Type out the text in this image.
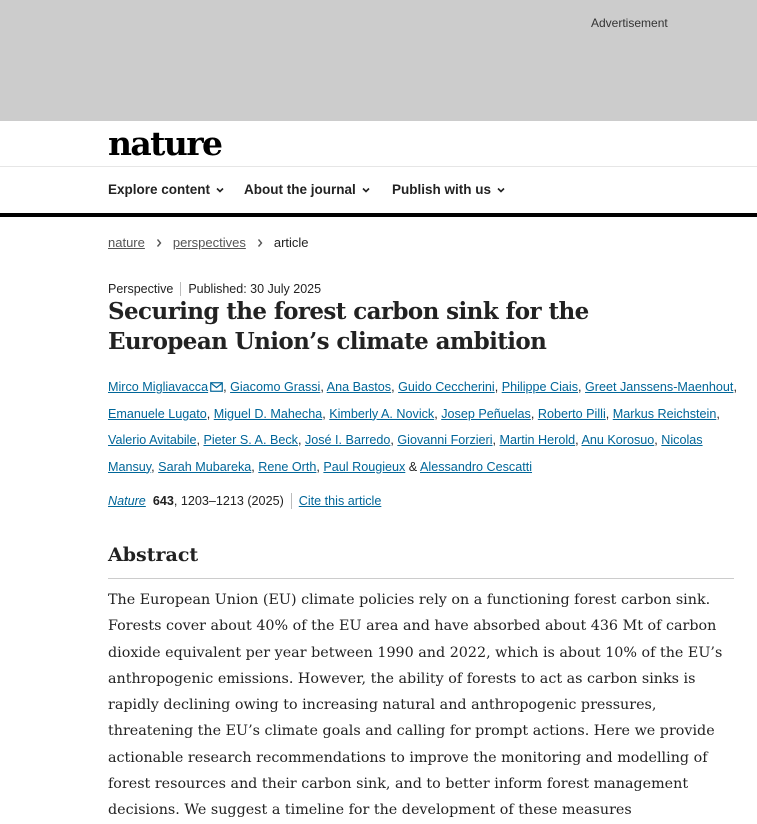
Advertisement
nature
Explore content	About the journal	Publish with us
nature perspectives article
Perspective	Published: 30 July 2025
Securing the forest carbon sink for the European Union’s climate ambition
Mirco Migliavacca , Giacomo Grassi, Ana Bastos, Guido Ceccherini, Philippe Ciais, Greet Janssens-Maenhout, Emanuele Lugato, Miguel D. Mahecha, Kimberly A. Novick, Josep Peñuelas, Roberto Pilli, Markus Reichstein, Valerio Avitabile, Pieter S. A. Beck, José I. Barredo, Giovanni Forzieri, Martin Herold, Anu Korosuo, Nicolas Mansuy, Sarah Mubareka, Rene Orth, Paul Rougieux & Alessandro Cescatti
Nature 643 , 1203–1213 (2025) Cite this article
Abstract

The European Union (EU) climate policies rely on a functioning forest carbon sink. Forests cover about 40% of the EU area and have absorbed about 436 Mt of carbon dioxide equivalent per year between 1990 and 2022, which is about 10% of the EU’s anthropogenic emissions. However, the ability of forests to act as carbon sinks is rapidly declining owing to increasing natural and anthropogenic pressures, threatening the EU’s climate goals and calling for prompt actions. Here we provide actionable research recommendations to improve the monitoring and modelling of forest resources and their carbon sink, and to better inform forest management decisions. We suggest a timeline for the development of these measures
